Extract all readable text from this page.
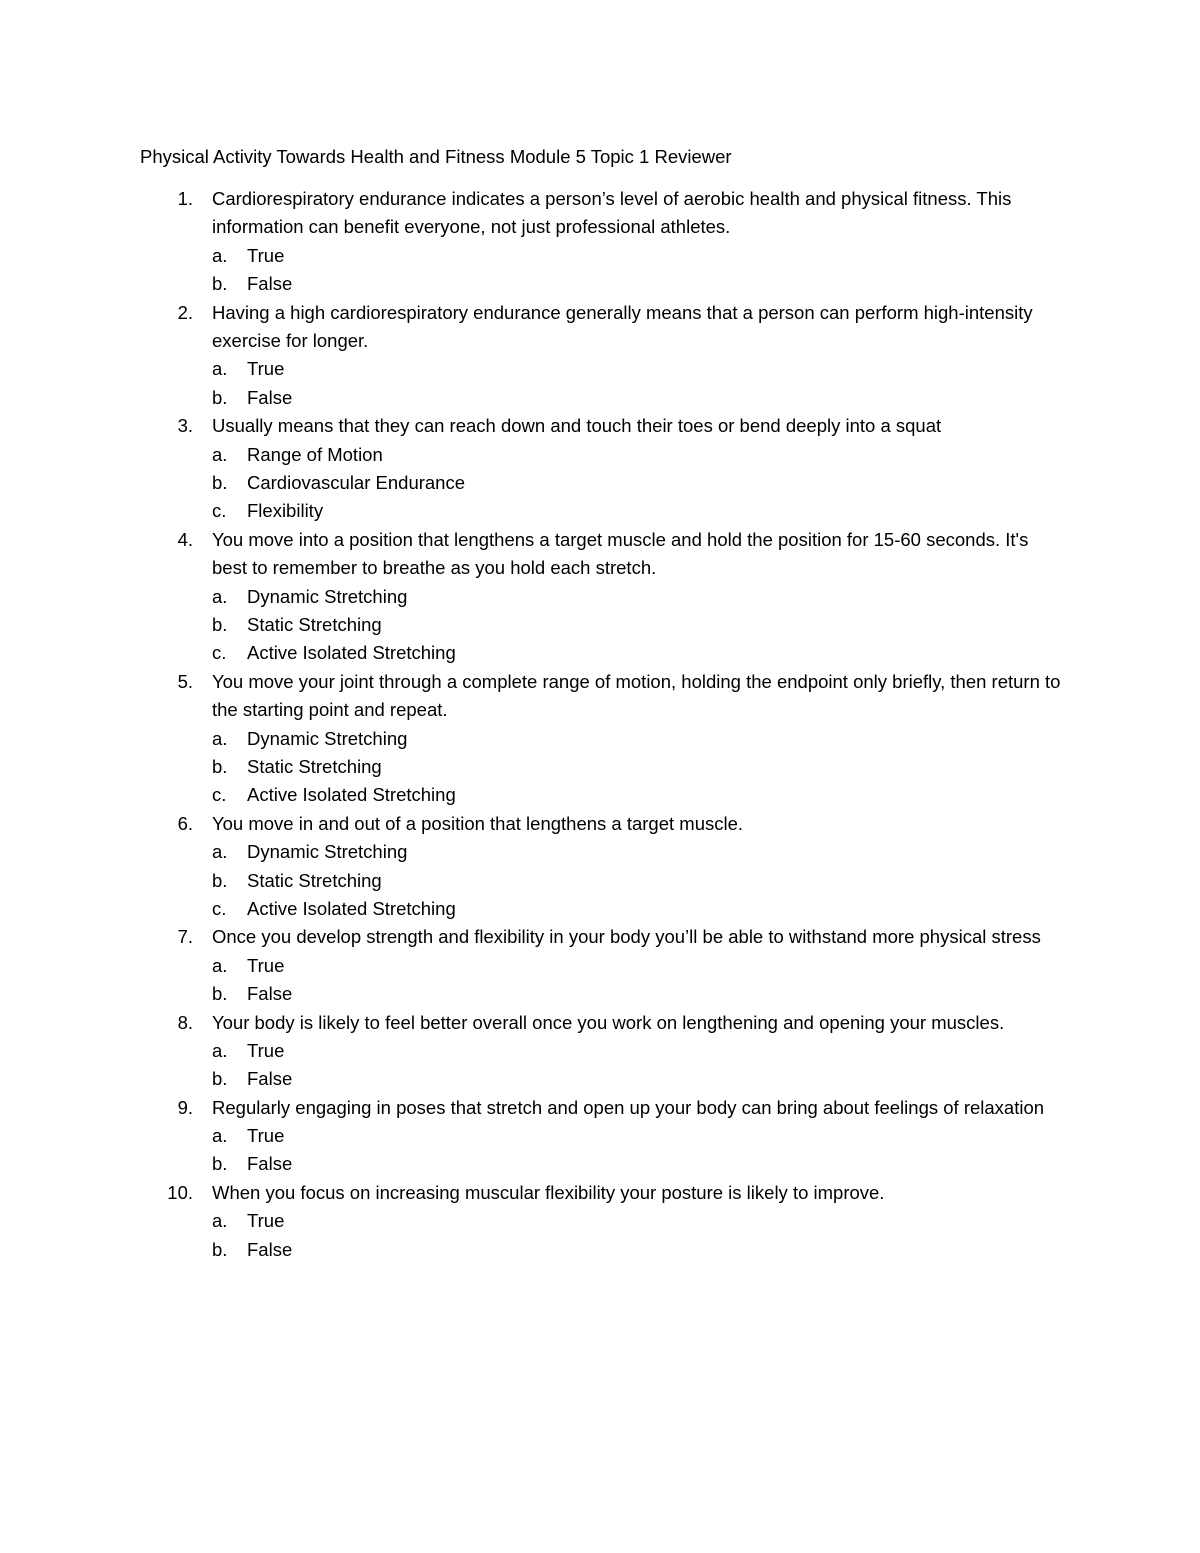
Physical Activity Towards Health and Fitness Module 5 Topic 1 Reviewer
1. Cardiorespiratory endurance indicates a person’s level of aerobic health and physical fitness. This information can benefit everyone, not just professional athletes.
a. True
b. False
2. Having a high cardiorespiratory endurance generally means that a person can perform high-intensity exercise for longer.
a. True
b. False
3. Usually means that they can reach down and touch their toes or bend deeply into a squat
a. Range of Motion
b. Cardiovascular Endurance
c. Flexibility
4. You move into a position that lengthens a target muscle and hold the position for 15-60 seconds. It's best to remember to breathe as you hold each stretch.
a. Dynamic Stretching
b. Static Stretching
c. Active Isolated Stretching
5. You move your joint through a complete range of motion, holding the endpoint only briefly, then return to the starting point and repeat.
a. Dynamic Stretching
b. Static Stretching
c. Active Isolated Stretching
6. You move in and out of a position that lengthens a target muscle.
a. Dynamic Stretching
b. Static Stretching
c. Active Isolated Stretching
7. Once you develop strength and flexibility in your body you’ll be able to withstand more physical stress
a. True
b. False
8. Your body is likely to feel better overall once you work on lengthening and opening your muscles.
a. True
b. False
9. Regularly engaging in poses that stretch and open up your body can bring about feelings of relaxation
a. True
b. False
10. When you focus on increasing muscular flexibility your posture is likely to improve.
a. True
b. False
